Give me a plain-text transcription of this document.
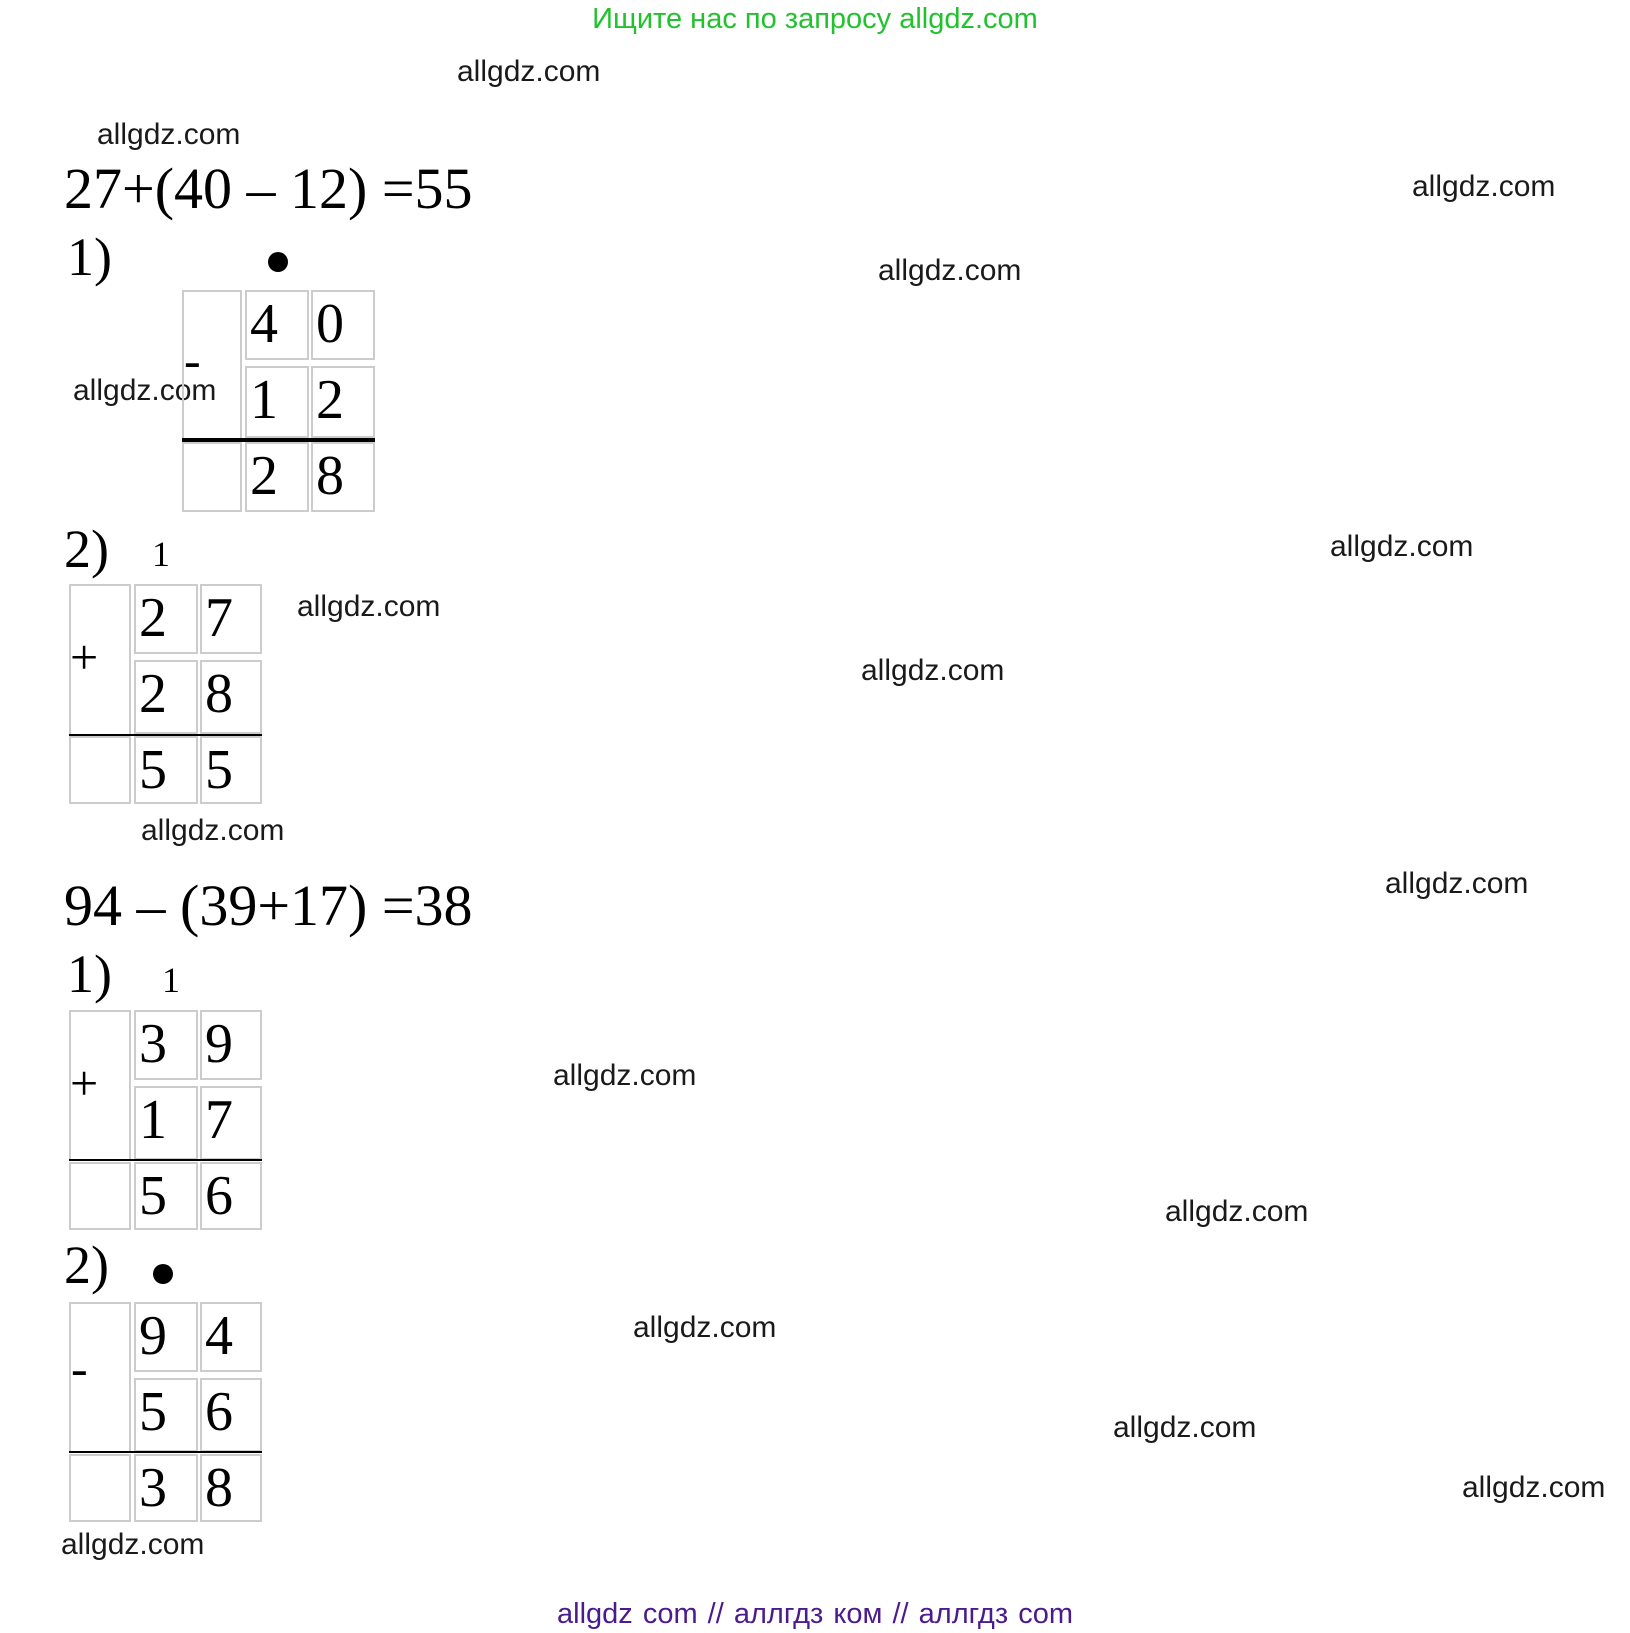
Ищите нас по запросу allgdz.com
allgdz com // аллгдз ком // аллгдз com
allgdz.com
allgdz.com
allgdz.com
allgdz.com
allgdz.com
allgdz.com
allgdz.com
allgdz.com
allgdz.com
allgdz.com
allgdz.com
allgdz.com
allgdz.com
allgdz.com
allgdz.com
allgdz.com
27+(40 – 12) =55
1)
-
4 0
1 2
2 8
2) 1
+
2 7
2 8
5 5
94 – (39+17) =38
1) 1
+
3 9
1 7
5 6
2)
-
9 4
5 6
3 8
